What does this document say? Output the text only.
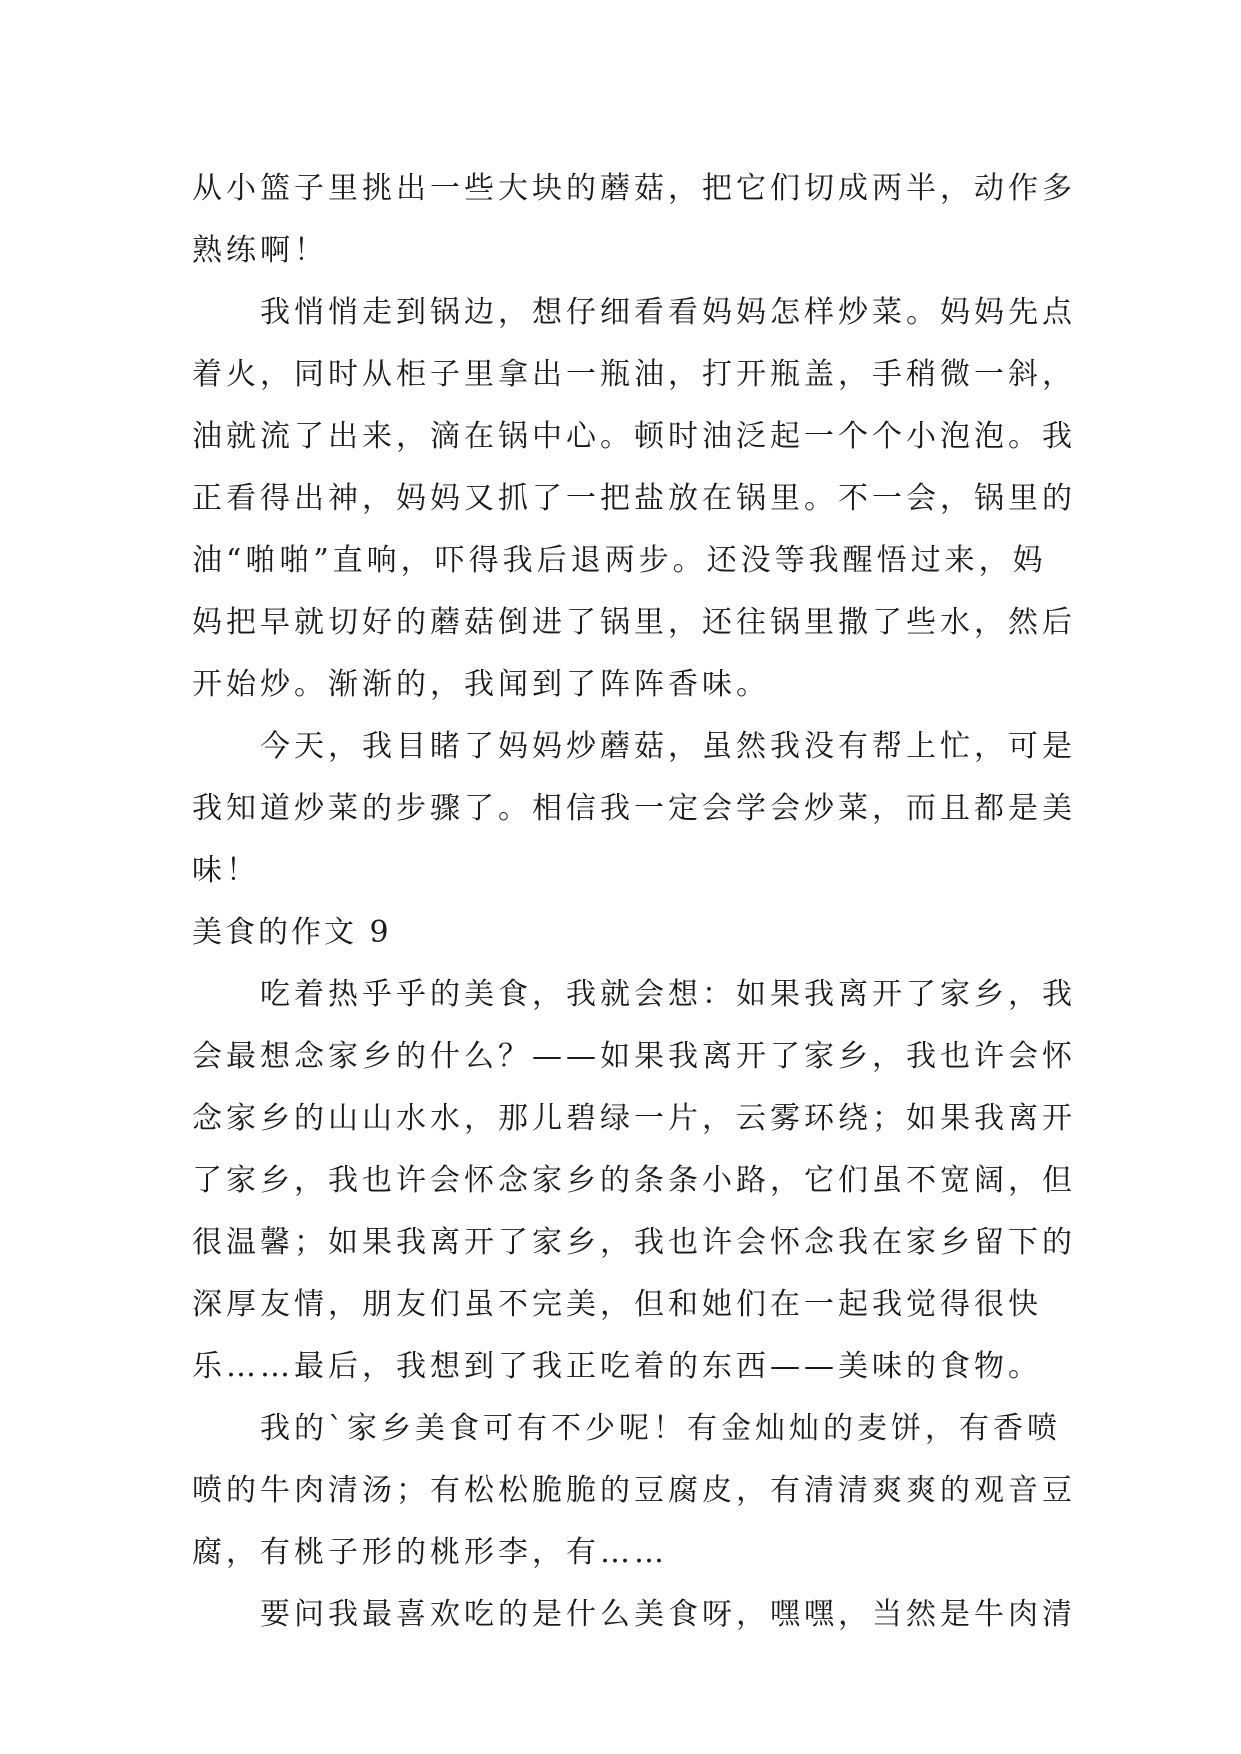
从小篮子里挑出一些大块的蘑菇，把它们切成两半，动作多
熟练啊！
我悄悄走到锅边，想仔细看看妈妈怎样炒菜。妈妈先点
着火，同时从柜子里拿出一瓶油，打开瓶盖，手稍微一斜，
油就流了出来，滴在锅中心。顿时油泛起一个个小泡泡。我
正看得出神，妈妈又抓了一把盐放在锅里。不一会，锅里的
油“啪啪”直响，吓得我后退两步。还没等我醒悟过来，妈
妈把早就切好的蘑菇倒进了锅里，还往锅里撒了些水，然后
开始炒。渐渐的，我闻到了阵阵香味。
今天，我目睹了妈妈炒蘑菇，虽然我没有帮上忙，可是
我知道炒菜的步骤了。相信我一定会学会炒菜，而且都是美
味！
美食的作文 9
吃着热乎乎的美食，我就会想：如果我离开了家乡，我
会最想念家乡的什么？——如果我离开了家乡，我也许会怀
念家乡的山山水水，那儿碧绿一片，云雾环绕；如果我离开
了家乡，我也许会怀念家乡的条条小路，它们虽不宽阔，但
很温馨；如果我离开了家乡，我也许会怀念我在家乡留下的
深厚友情，朋友们虽不完美，但和她们在一起我觉得很快
乐……最后，我想到了我正吃着的东西——美味的食物。
我的`家乡美食可有不少呢！有金灿灿的麦饼，有香喷
喷的牛肉清汤；有松松脆脆的豆腐皮，有清清爽爽的观音豆
腐，有桃子形的桃形李，有……
要问我最喜欢吃的是什么美食呀，嘿嘿，当然是牛肉清
